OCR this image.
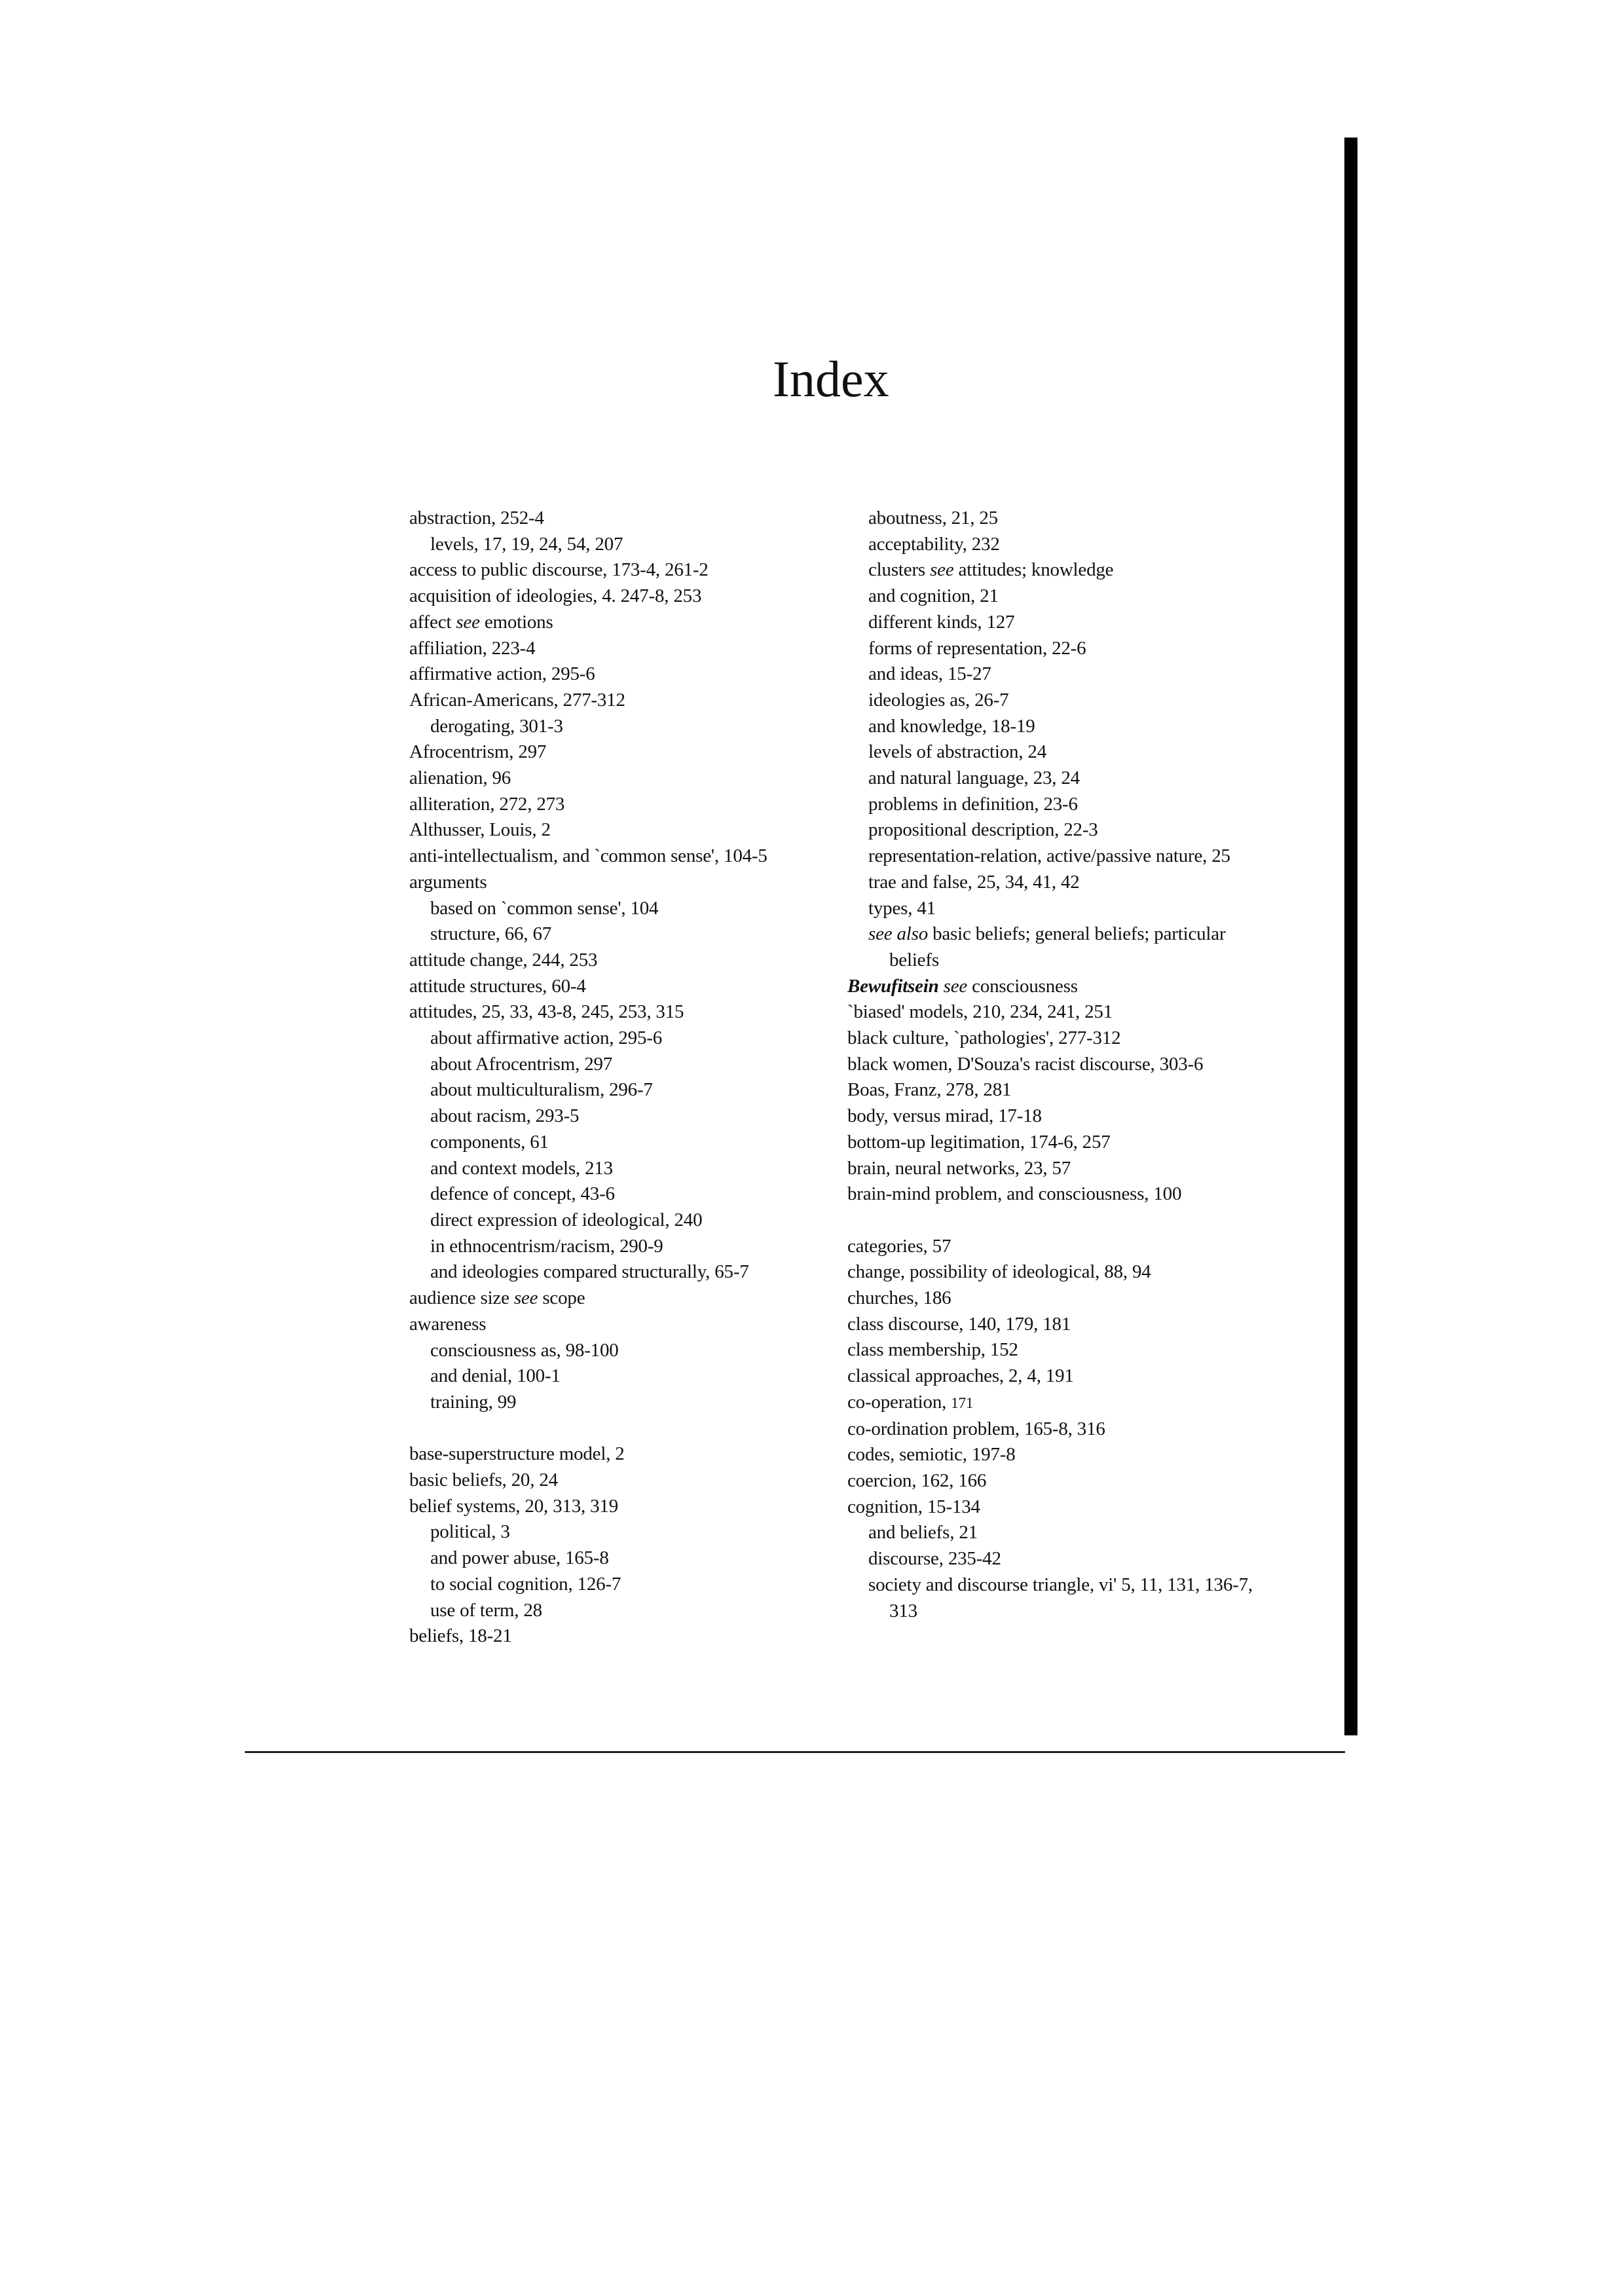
Index
abstraction, 252-4
levels, 17, 19, 24, 54, 207
access to public discourse, 173-4, 261-2
acquisition of ideologies, 4. 247-8, 253
affect see emotions
affiliation, 223-4
affirmative action, 295-6
African-Americans, 277-312
derogating, 301-3
Afrocentrism, 297
alienation, 96
alliteration, 272, 273
Althusser, Louis, 2
anti-intellectualism, and `common sense', 104-5
arguments
based on `common sense', 104
structure, 66, 67
attitude change, 244, 253
attitude structures, 60-4
attitudes, 25, 33, 43-8, 245, 253, 315
about affirmative action, 295-6
about Afrocentrism, 297
about multiculturalism, 296-7
about racism, 293-5
components, 61
and context models, 213
defence of concept, 43-6
direct expression of ideological, 240
in ethnocentrism/racism, 290-9
and ideologies compared structurally, 65-7
audience size see scope
awareness
consciousness as, 98-100
and denial, 100-1
training, 99
base-superstructure model, 2
basic beliefs, 20, 24
belief systems, 20, 313, 319
political, 3
and power abuse, 165-8
to social cognition, 126-7
use of term, 28
beliefs, 18-21
aboutness, 21, 25
acceptability, 232
clusters see attitudes; knowledge
and cognition, 21
different kinds, 127
forms of representation, 22-6
and ideas, 15-27
ideologies as, 26-7
and knowledge, 18-19
levels of abstraction, 24
and natural language, 23, 24
problems in definition, 23-6
propositional description, 22-3
representation-relation, active/passive nature, 25
trae and false, 25, 34, 41, 42
types, 41
see also basic beliefs; general beliefs; particular beliefs
Bewufitsein see consciousness
`biased' models, 210, 234, 241, 251
black culture, `pathologies', 277-312
black women, D'Souza's racist discourse, 303-6
Boas, Franz, 278, 281
body, versus mirad, 17-18
bottom-up legitimation, 174-6, 257
brain, neural networks, 23, 57
brain-mind problem, and consciousness, 100
categories, 57
change, possibility of ideological, 88, 94
churches, 186
class discourse, 140, 179, 181
class membership, 152
classical approaches, 2, 4, 191
co-operation, 171
co-ordination problem, 165-8, 316
codes, semiotic, 197-8
coercion, 162, 166
cognition, 15-134
and beliefs, 21
discourse, 235-42
society and discourse triangle, vi' 5, 11, 131, 136-7, 313
